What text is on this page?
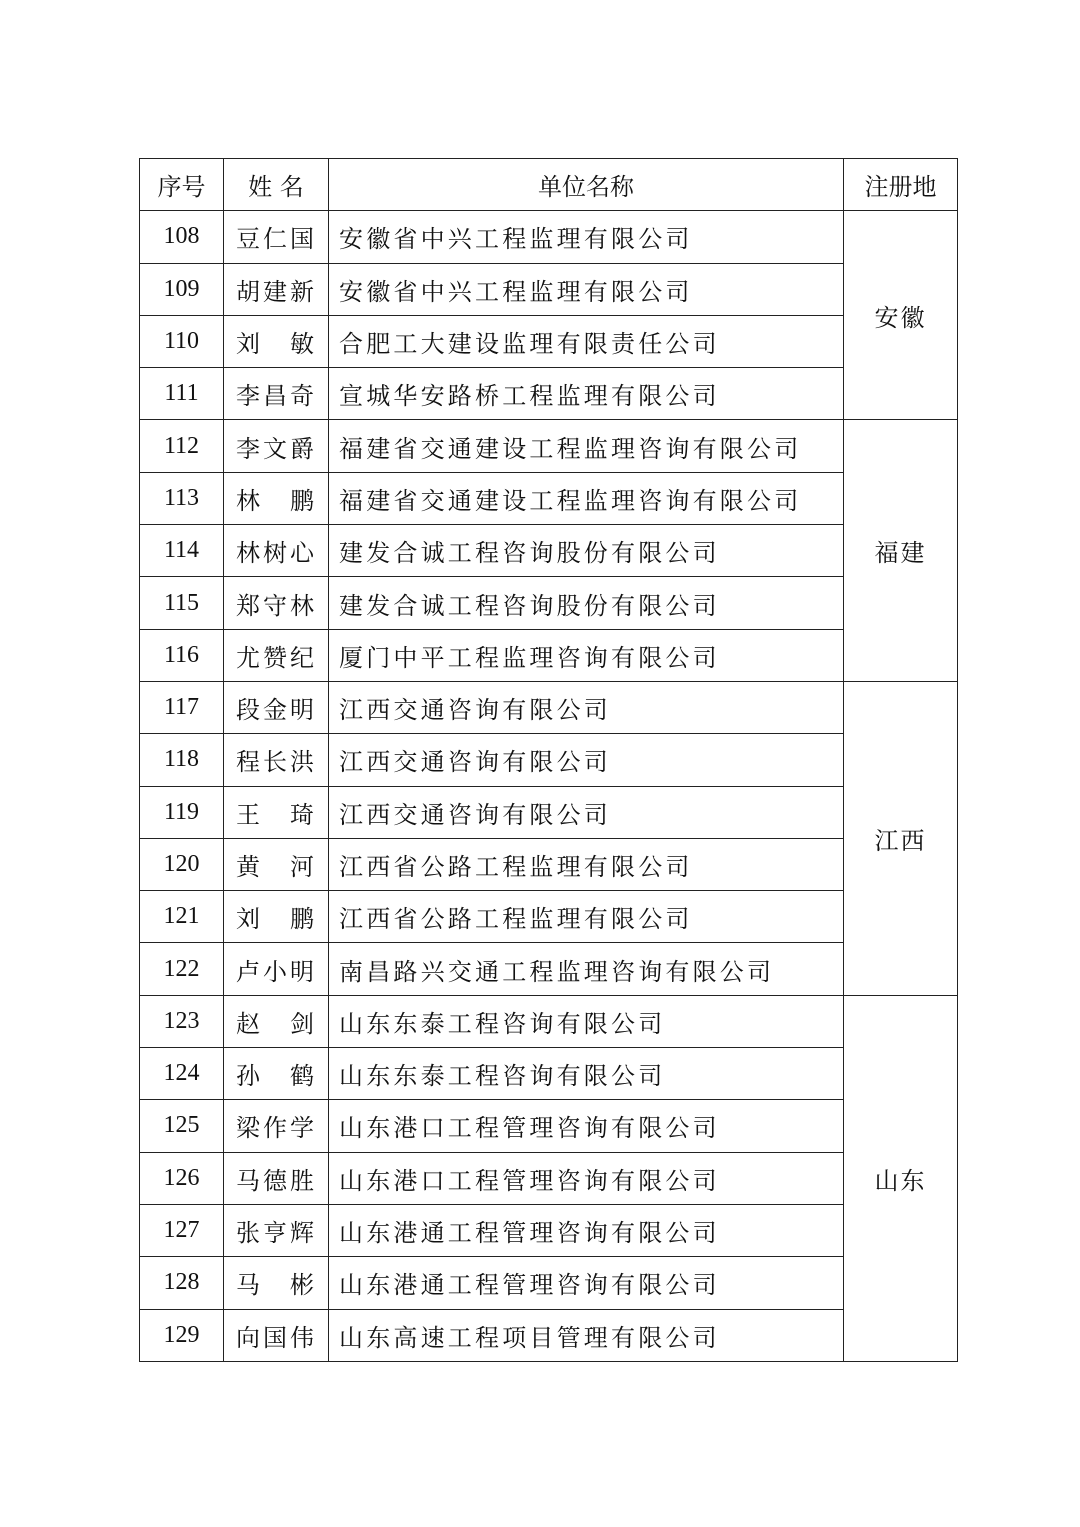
序号	姓 名	单位名称	注册地
108	豆 仁 国	安徽省中兴工程监理有限公司	安徽
109	胡 建 新	安徽省中兴工程监理有限公司	
110	刘 敏	合肥工大建设监理有限责任公司	
111	李 昌 奇	宣城华安路桥工程监理有限公司	
112	李 文 爵	福建省交通建设工程监理咨询有限公司	福建
113	林 鹏	福建省交通建设工程监理咨询有限公司	
114	林 树 心	建发合诚工程咨询股份有限公司	
115	郑 守 林	建发合诚工程咨询股份有限公司	
116	尤 赞 纪	厦门中平工程监理咨询有限公司	
117	段 金 明	江西交通咨询有限公司	江西
118	程 长 洪	江西交通咨询有限公司	
119	王 琦	江西交通咨询有限公司	
120	黄 河	江西省公路工程监理有限公司	
121	刘 鹏	江西省公路工程监理有限公司	
122	卢 小 明	南昌路兴交通工程监理咨询有限公司	
123	赵 剑	山东东泰工程咨询有限公司	山东
124	孙 鹤	山东东泰工程咨询有限公司	
125	梁 作 学	山东港口工程管理咨询有限公司	
126	马 德 胜	山东港口工程管理咨询有限公司	
127	张 亨 辉	山东港通工程管理咨询有限公司	
128	马 彬	山东港通工程管理咨询有限公司	
129	向 国 伟	山东高速工程项目管理有限公司	
